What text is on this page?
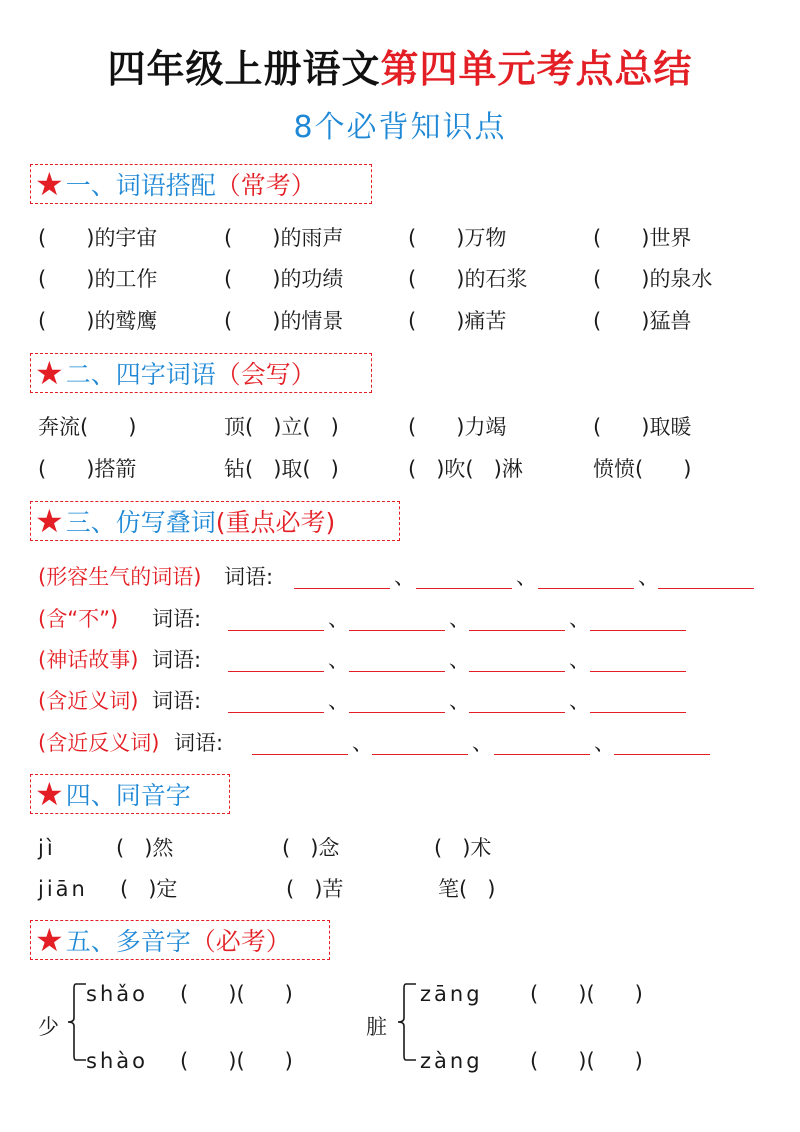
四年级上册语文第四单元考点总结
8个必背知识点
★ 一、 词语搭配 （常考）
(      )的宇宙	(      )的雨声	(      )万物	(      )世界
(      )的工作	(      )的功绩	(      )的石浆	(      )的泉水
(      )的鹫鹰	(      )的情景	(      )痛苦	(      )猛兽
★ 二、 四字词语 （会写）
奔流(      )	顶(   )立(   )	(      )力竭	(      )取暖
(      )搭箭	钻(   )取(   )	(   )吹(   )淋	愤愤(      )
★ 三、 仿写叠词 (重点必考)
(形容生气的词语) 词语:	、	、	、
(含“不”) 词语:	、	、	、
(神话故事) 词语:	、	、	、
(含近义词) 词语:	、	、	、
(含近反义词) 词语:	、	、	、
★ 四、 同音字
jì	(   )然	(   )念	(   )术
jiān (   )定	(   )苦	笔(   )
★ 五、 多音字 （必考）
少
shǎo (      )(      )
shào (      )(      )
脏
zāng (      )(      )
zàng (      )(      )
